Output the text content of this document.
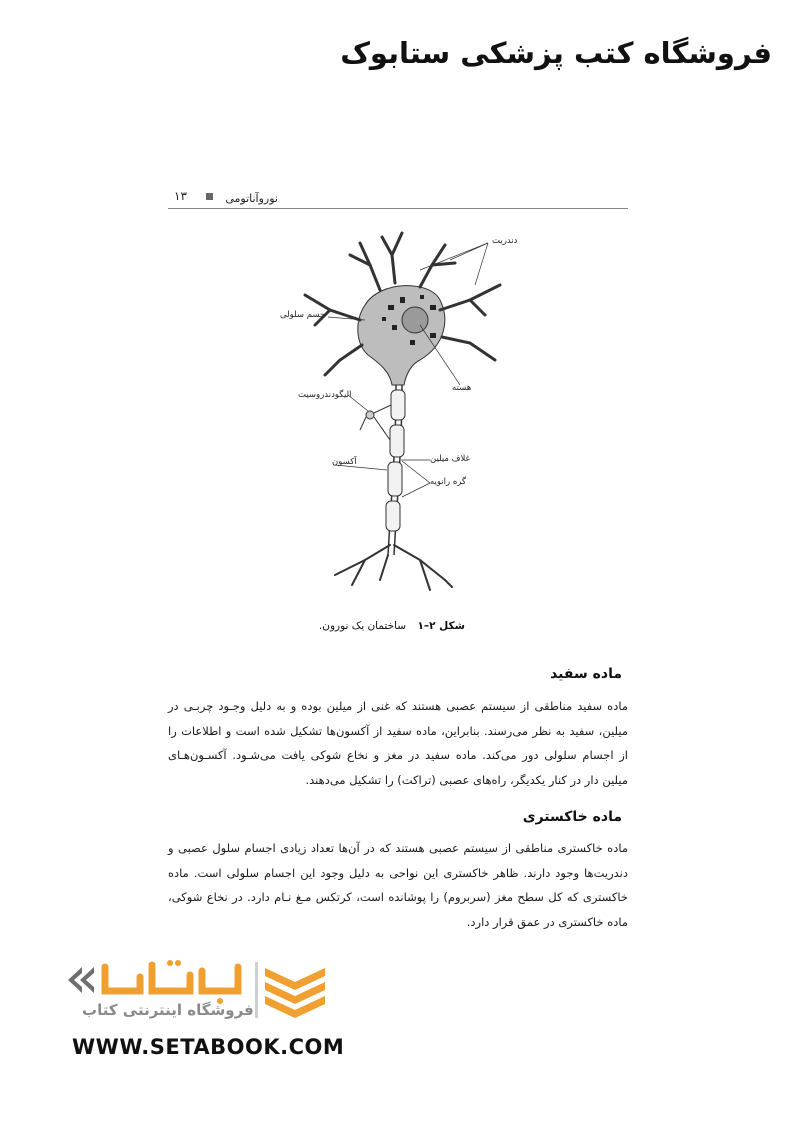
فروشگاه کتب پزشکی ستابوک
نوروآناتومی
۱۳
دندریت
جسم سلولی
هسته
الیگودندروسیت
غلاف میلین
آکسون
گره رانویه
شکل ۲–۱ ساختمان یک نورون.
ماده سفید

ماده سفید مناطقی از سیستم عصبی هستند که غنی از میلین بوده و به دلیل وجـود چربـی در میلین، سفید به نظر می‌رسند. بنابراین، ماده سفید از آکسون‌ها تشکیل شده است و اطلاعات را از اجسام سلولی دور می‌کند. ماده سفید در مغز و نخاع شوکی یافت می‌شـود. آکسـون‌هـای میلین دار در کنار یکدیگر، راه‌های عصبی (تراکت) را تشکیل می‌دهند.

ماده خاکستری

ماده خاکستری مناطقی از سیستم عصبی هستند که در آن‌ها تعداد زیادی اجسام سلول عصبی و دندریت‌ها وجود دارند. ظاهر خاکستری این نواحی به دلیل وجود این اجسام سلولی است. ماده خاکستری که کل سطح مغز (سربروم) را پوشانده است، کرتکس مـغ نـام دارد. در نخاع شوکی، ماده خاکستری در عمق قرار دارد.

فروشگاه اینترنتی کتاب
WWW.SETABOOK.COM
